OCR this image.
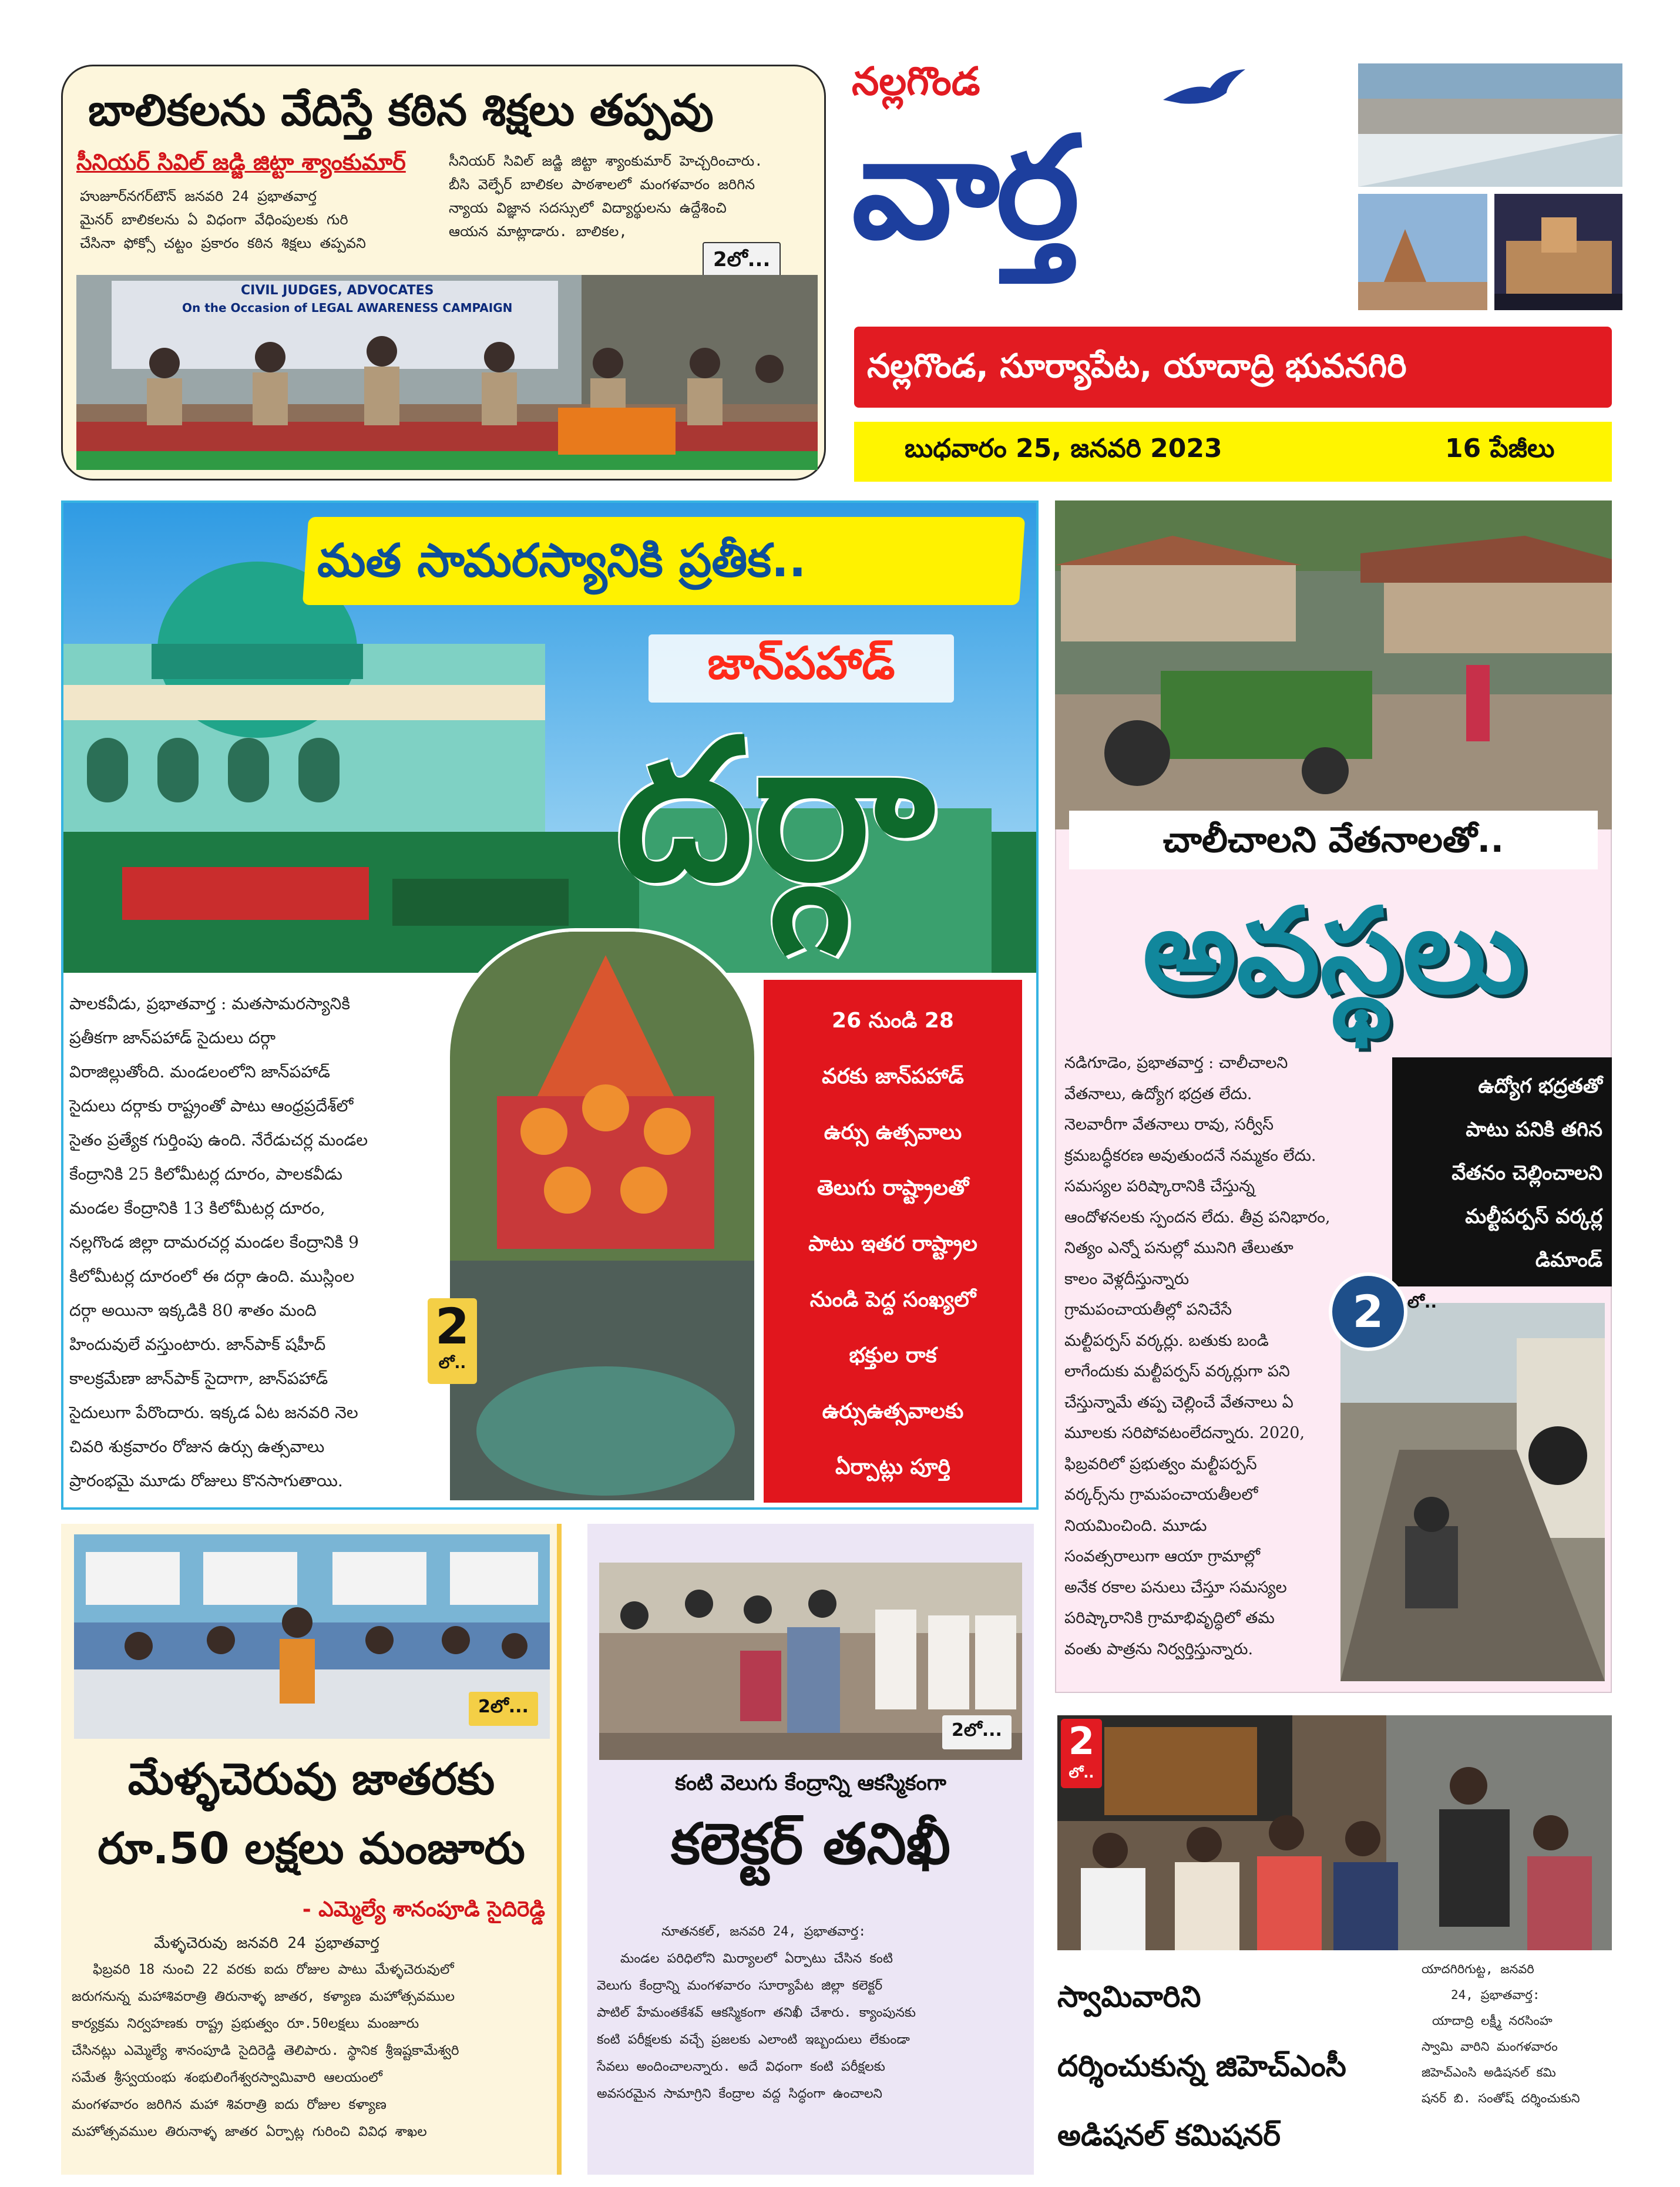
బాలికలను వేదిస్తే కఠిన శిక్షలు తప్పవు
సీనియర్ సివిల్ జడ్జి జిట్టా శ్యాంకుమార్
హుజూర్‌నగర్‌టౌన్ జనవరి 24 ప్రభాతవార్త
మైనర్ బాలికలను ఏ విధంగా వేధింపులకు గురి
చేసినా ఫోక్సో చట్టం ప్రకారం కఠిన శిక్షలు తప్పవని
సీనియర్ సివిల్ జడ్జి జిట్టా శ్యాంకుమార్ హెచ్చరించారు.
బీసి వెల్ఫేర్ బాలికల పాఠశాలలో మంగళవారం జరిగిన
న్యాయ విజ్ఞాన సదస్సులో విద్యార్థులను ఉద్దేశించి
ఆయన మాట్లాడారు. బాలికల,
2లో...
CIVIL JUDGES, ADVOCATES
On the Occasion of LEGAL AWARENESS CAMPAIGN
నల్లగొండ
వార్త
నల్లగొండ, సూర్యాపేట, యాదాద్రి భువనగిరి
బుధవారం 25, జనవరి 2023	16 పేజీలు
మత సామరస్యానికి ప్రతీక..
జాన్‌పహాడ్
దర్గా
పాలకవీడు, ప్రభాతవార్త : మతసామరస్యానికి
ప్రతీకగా జాన్‌పహాడ్ సైదులు దర్గా
విరాజిల్లుతోంది. మండలంలోని జాన్‌పహాడ్
సైదులు దర్గాకు రాష్ట్రంతో పాటు ఆంధ్రప్రదేశ్‌లో
సైతం ప్రత్యేక గుర్తింపు ఉంది. నేరేడుచర్ల మండల
కేంద్రానికి 25 కిలోమీటర్ల దూరం, పాలకవీడు
మండల కేంద్రానికి 13 కిలోమీటర్ల దూరం,
నల్లగొండ జిల్లా దామరచర్ల మండల కేంద్రానికి 9
కిలోమీటర్ల దూరంలో ఈ దర్గా ఉంది. ముస్లింల
దర్గా అయినా ఇక్కడికి 80 శాతం మంది
హిందువులే వస్తుంటారు. జాన్‌పాక్ షహీద్
కాలక్రమేణా జాన్‌పాక్ సైదాగా, జాన్‌పహాడ్
సైదులుగా పేరొందారు. ఇక్కడ ఏట జనవరి నెల
చివరి శుక్రవారం రోజున ఉర్సు ఉత్సవాలు
ప్రారంభమై మూడు రోజులు కొనసాగుతాయి.
2
లో..
26 నుండి 28
వరకు జాన్‌పహాడ్
ఉర్సు ఉత్సవాలు
తెలుగు రాష్ట్రాలతో
పాటు ఇతర రాష్ట్రాల
నుండి పెద్ద సంఖ్యలో
భక్తుల రాక
ఉర్సుఉత్సవాలకు
ఏర్పాట్లు పూర్తి
చాలీచాలని వేతనాలతో..
అవస్థలు
నడిగూడెం, ప్రభాతవార్త : చాలీచాలని
వేతనాలు, ఉద్యోగ భద్రత లేదు.
నెలవారీగా వేతనాలు రావు, సర్వీస్
క్రమబద్ధీకరణ అవుతుందనే నమ్మకం లేదు.
సమస్యల పరిష్కారానికి చేస్తున్న
ఆందోళనలకు స్పందన లేదు. తీవ్ర పనిభారం,
నిత్యం ఎన్నో పనుల్లో మునిగి తేలుతూ
కాలం వెళ్లదీస్తున్నారు
గ్రామపంచాయతీల్లో పనిచేసే
మల్టీపర్పస్ వర్కర్లు. బతుకు బండి
లాగేందుకు మల్టీపర్పస్ వర్కర్లుగా పని
చేస్తున్నామే తప్ప చెల్లించే వేతనాలు ఏ
మూలకు సరిపోవటంలేదన్నారు. 2020,
ఫిబ్రవరిలో ప్రభుత్వం మల్టీపర్పస్
వర్కర్స్‌ను గ్రామపంచాయతీలలో
నియమించింది. మూడు
సంవత్సరాలుగా ఆయా గ్రామాల్లో
అనేక రకాల పనులు చేస్తూ సమస్యల
పరిష్కారానికి గ్రామాభివృద్ధిలో తమ
వంతు పాత్రను నిర్వర్తిస్తున్నారు.
ఉద్యోగ భద్రతతో
పాటు పనికి తగిన
వేతనం చెల్లించాలని
మల్టీపర్పస్ వర్కర్ల
డిమాండ్
2	లో..
2లో...
మేళ్ళచెరువు జాతరకు
రూ.50 లక్షలు మంజూరు
- ఎమ్మెల్యే శానంపూడి సైదిరెడ్డి
మేళ్ళచెరువు జనవరి 24 ప్రభాతవార్త
ఫిబ్రవరి 18 నుంచి 22 వరకు ఐదు రోజుల పాటు మేళ్ళచెరువులో
జరుగనున్న మహాశివరాత్రి తిరునాళ్ళ జాతర, కళ్యాణ మహోత్సవముల
కార్యక్రమ నిర్వహణకు రాష్ట్ర ప్రభుత్వం రూ.50లక్షలు మంజూరు
చేసినట్లు ఎమ్మెల్యే శానంపూడి సైదిరెడ్డి తెలిపారు. స్థానిక శ్రీఇష్టకామేశ్వరి
సమేత శ్రీస్వయంభు శంభులింగేశ్వరస్వామివారి ఆలయంలో
మంగళవారం జరిగిన మహా శివరాత్రి ఐదు రోజుల కళ్యాణ
మహోత్సవముల తిరునాళ్ళ జాతర ఏర్పాట్ల గురించి వివిధ శాఖల
2లో...
కంటి వెలుగు కేంద్రాన్ని ఆకస్మికంగా
కలెక్టర్ తనిఖీ
నూతనకల్, జనవరి 24, ప్రభాతవార్త:
మండల పరిధిలోని మిర్యాలలో ఏర్పాటు చేసిన కంటి
వెలుగు కేంద్రాన్ని మంగళవారం సూర్యాపేట జిల్లా కలెక్టర్
పాటిల్ హేమంతకేశవ్ ఆకస్మికంగా తనిఖీ చేశారు. క్యాంపునకు
కంటి పరీక్షలకు వచ్చే ప్రజలకు ఎలాంటి ఇబ్బందులు లేకుండా
సేవలు అందించాలన్నారు. అదే విధంగా కంటి పరీక్షలకు
అవసరమైన సామాగ్రిని కేంద్రాల వద్ద సిద్ధంగా ఉంచాలని
2
లో..
స్వామివారిని
దర్శించుకున్న జిహెచ్ఎంసీ
అడిషనల్ కమిషనర్
యాదగిరిగుట్ట, జనవరి
24, ప్రభాతవార్త:
యాదాద్రి లక్ష్మీ నరసింహ
స్వామి వారిని మంగళవారం
జిహెచ్ఎంసి అడిషనల్ కమి
షనర్ బి. సంతోష్ దర్శించుకుని
